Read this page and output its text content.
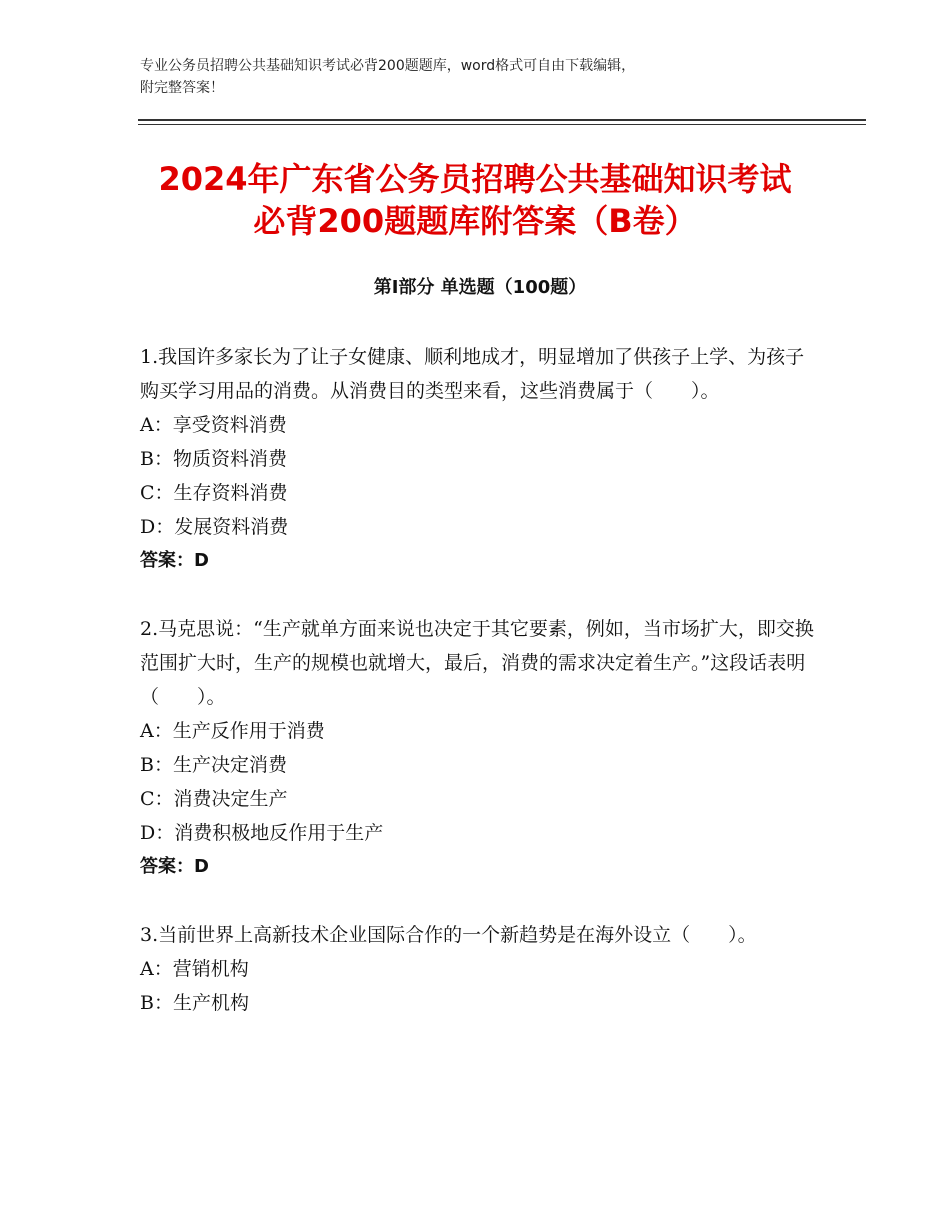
专业公务员招聘公共基础知识考试必背200题题库，word格式可自由下载编辑，
附完整答案！
2024年广东省公务员招聘公共基础知识考试
必背200题题库附答案（B卷）
第Ⅰ部分 单选题（100题）

1.我国许多家长为了让子女健康、顺利地成才，明显增加了供孩子上学、为孩子购买学习用品的消费。从消费目的类型来看，这些消费属于（　　）。

A：享受资料消费
B：物质资料消费
C：生存资料消费
D：发展资料消费
答案：D

2.马克思说：“生产就单方面来说也决定于其它要素，例如，当市场扩大，即交换范围扩大时，生产的规模也就增大，最后，消费的需求决定着生产。”这段话表明（　　）。

A：生产反作用于消费
B：生产决定消费
C：消费决定生产
D：消费积极地反作用于生产
答案：D

3.当前世界上高新技术企业国际合作的一个新趋势是在海外设立（　　）。

A：营销机构
B：生产机构
